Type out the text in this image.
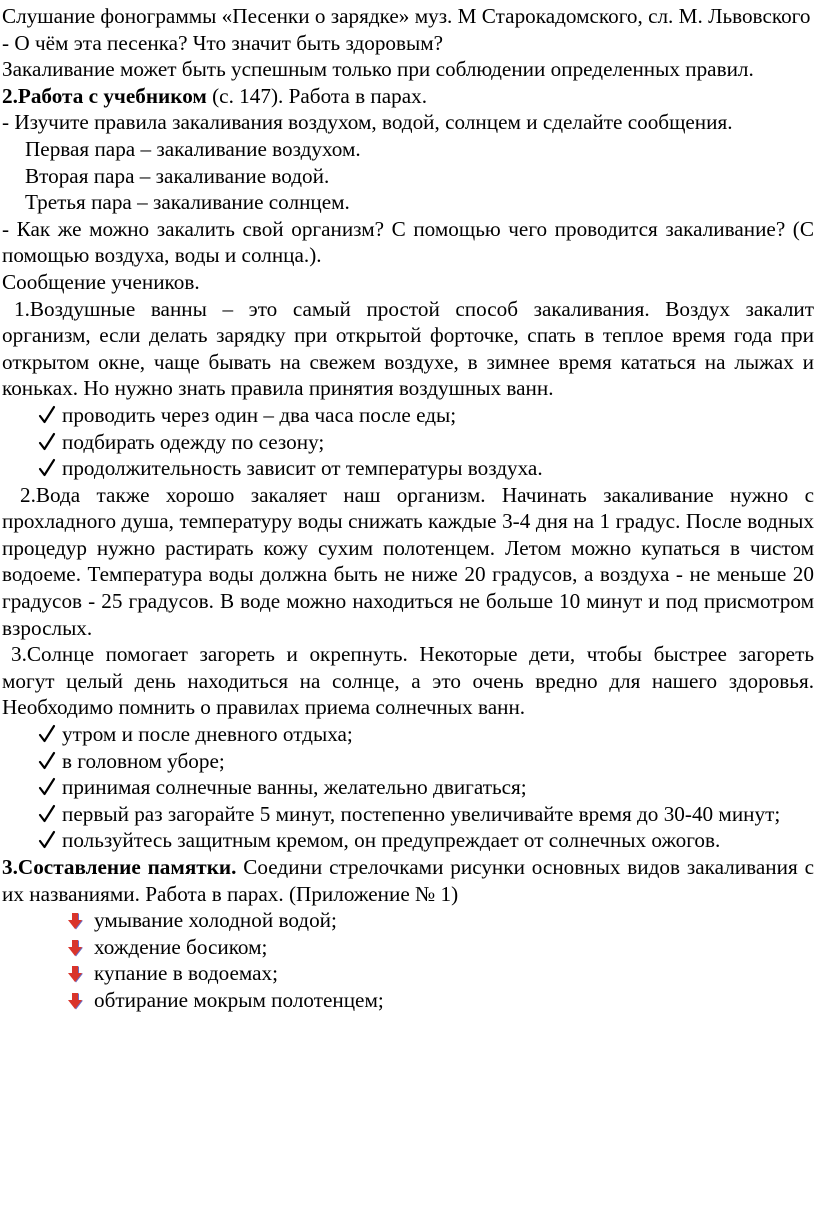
Слушание фонограммы «Песенки о зарядке» муз. М Старокадомского, сл. М. Львовского

- О чём эта песенка? Что значит быть здоровым?

Закаливание может быть успешным только при соблюдении определенных правил.

2.Работа с учебником (с. 147). Работа в парах.

- Изучите правила закаливания воздухом, водой, солнцем и сделайте сообщения.

Первая пара – закаливание воздухом.

Вторая пара – закаливание водой.

Третья пара – закаливание солнцем.

- Как же можно закалить свой организм? С помощью чего проводится закаливание? (С помощью воздуха, воды и солнца.).

Сообщение учеников.

1.Воздушные ванны – это самый простой способ закаливания. Воздух закалит организм, если делать зарядку при открытой форточке, спать в теплое время года при открытом окне, чаще бывать на свежем воздухе, в зимнее время кататься на лыжах и коньках. Но нужно знать правила принятия воздушных ванн.

проводить через один – два часа после еды;
подбирать одежду по сезону;
продолжительность зависит от температуры воздуха.

2.Вода также хорошо закаляет наш организм. Начинать закаливание нужно с прохладного душа, температуру воды снижать каждые 3-4 дня на 1 градус. После водных процедур нужно растирать кожу сухим полотенцем. Летом можно купаться в чистом водоеме. Температура воды должна быть не ниже 20 градусов, а воздуха - не меньше 20 градусов - 25 градусов. В воде можно находиться не больше 10 минут и под присмотром взрослых.

3.Солнце помогает загореть и окрепнуть. Некоторые дети, чтобы быстрее загореть могут целый день находиться на солнце, а это очень вредно для нашего здоровья. Необходимо помнить о правилах приема солнечных ванн.

утром и после дневного отдыха;
в головном уборе;
принимая солнечные ванны, желательно двигаться;
первый раз загорайте 5 минут, постепенно увеличивайте время до 30-40 минут;
пользуйтесь защитным кремом, он предупреждает от солнечных ожогов.

3.Составление памятки. Соедини стрелочками рисунки основных видов закаливания с их названиями. Работа в парах. (Приложение № 1)

умывание холодной водой;
хождение босиком;
купание в водоемах;
обтирание мокрым полотенцем;
